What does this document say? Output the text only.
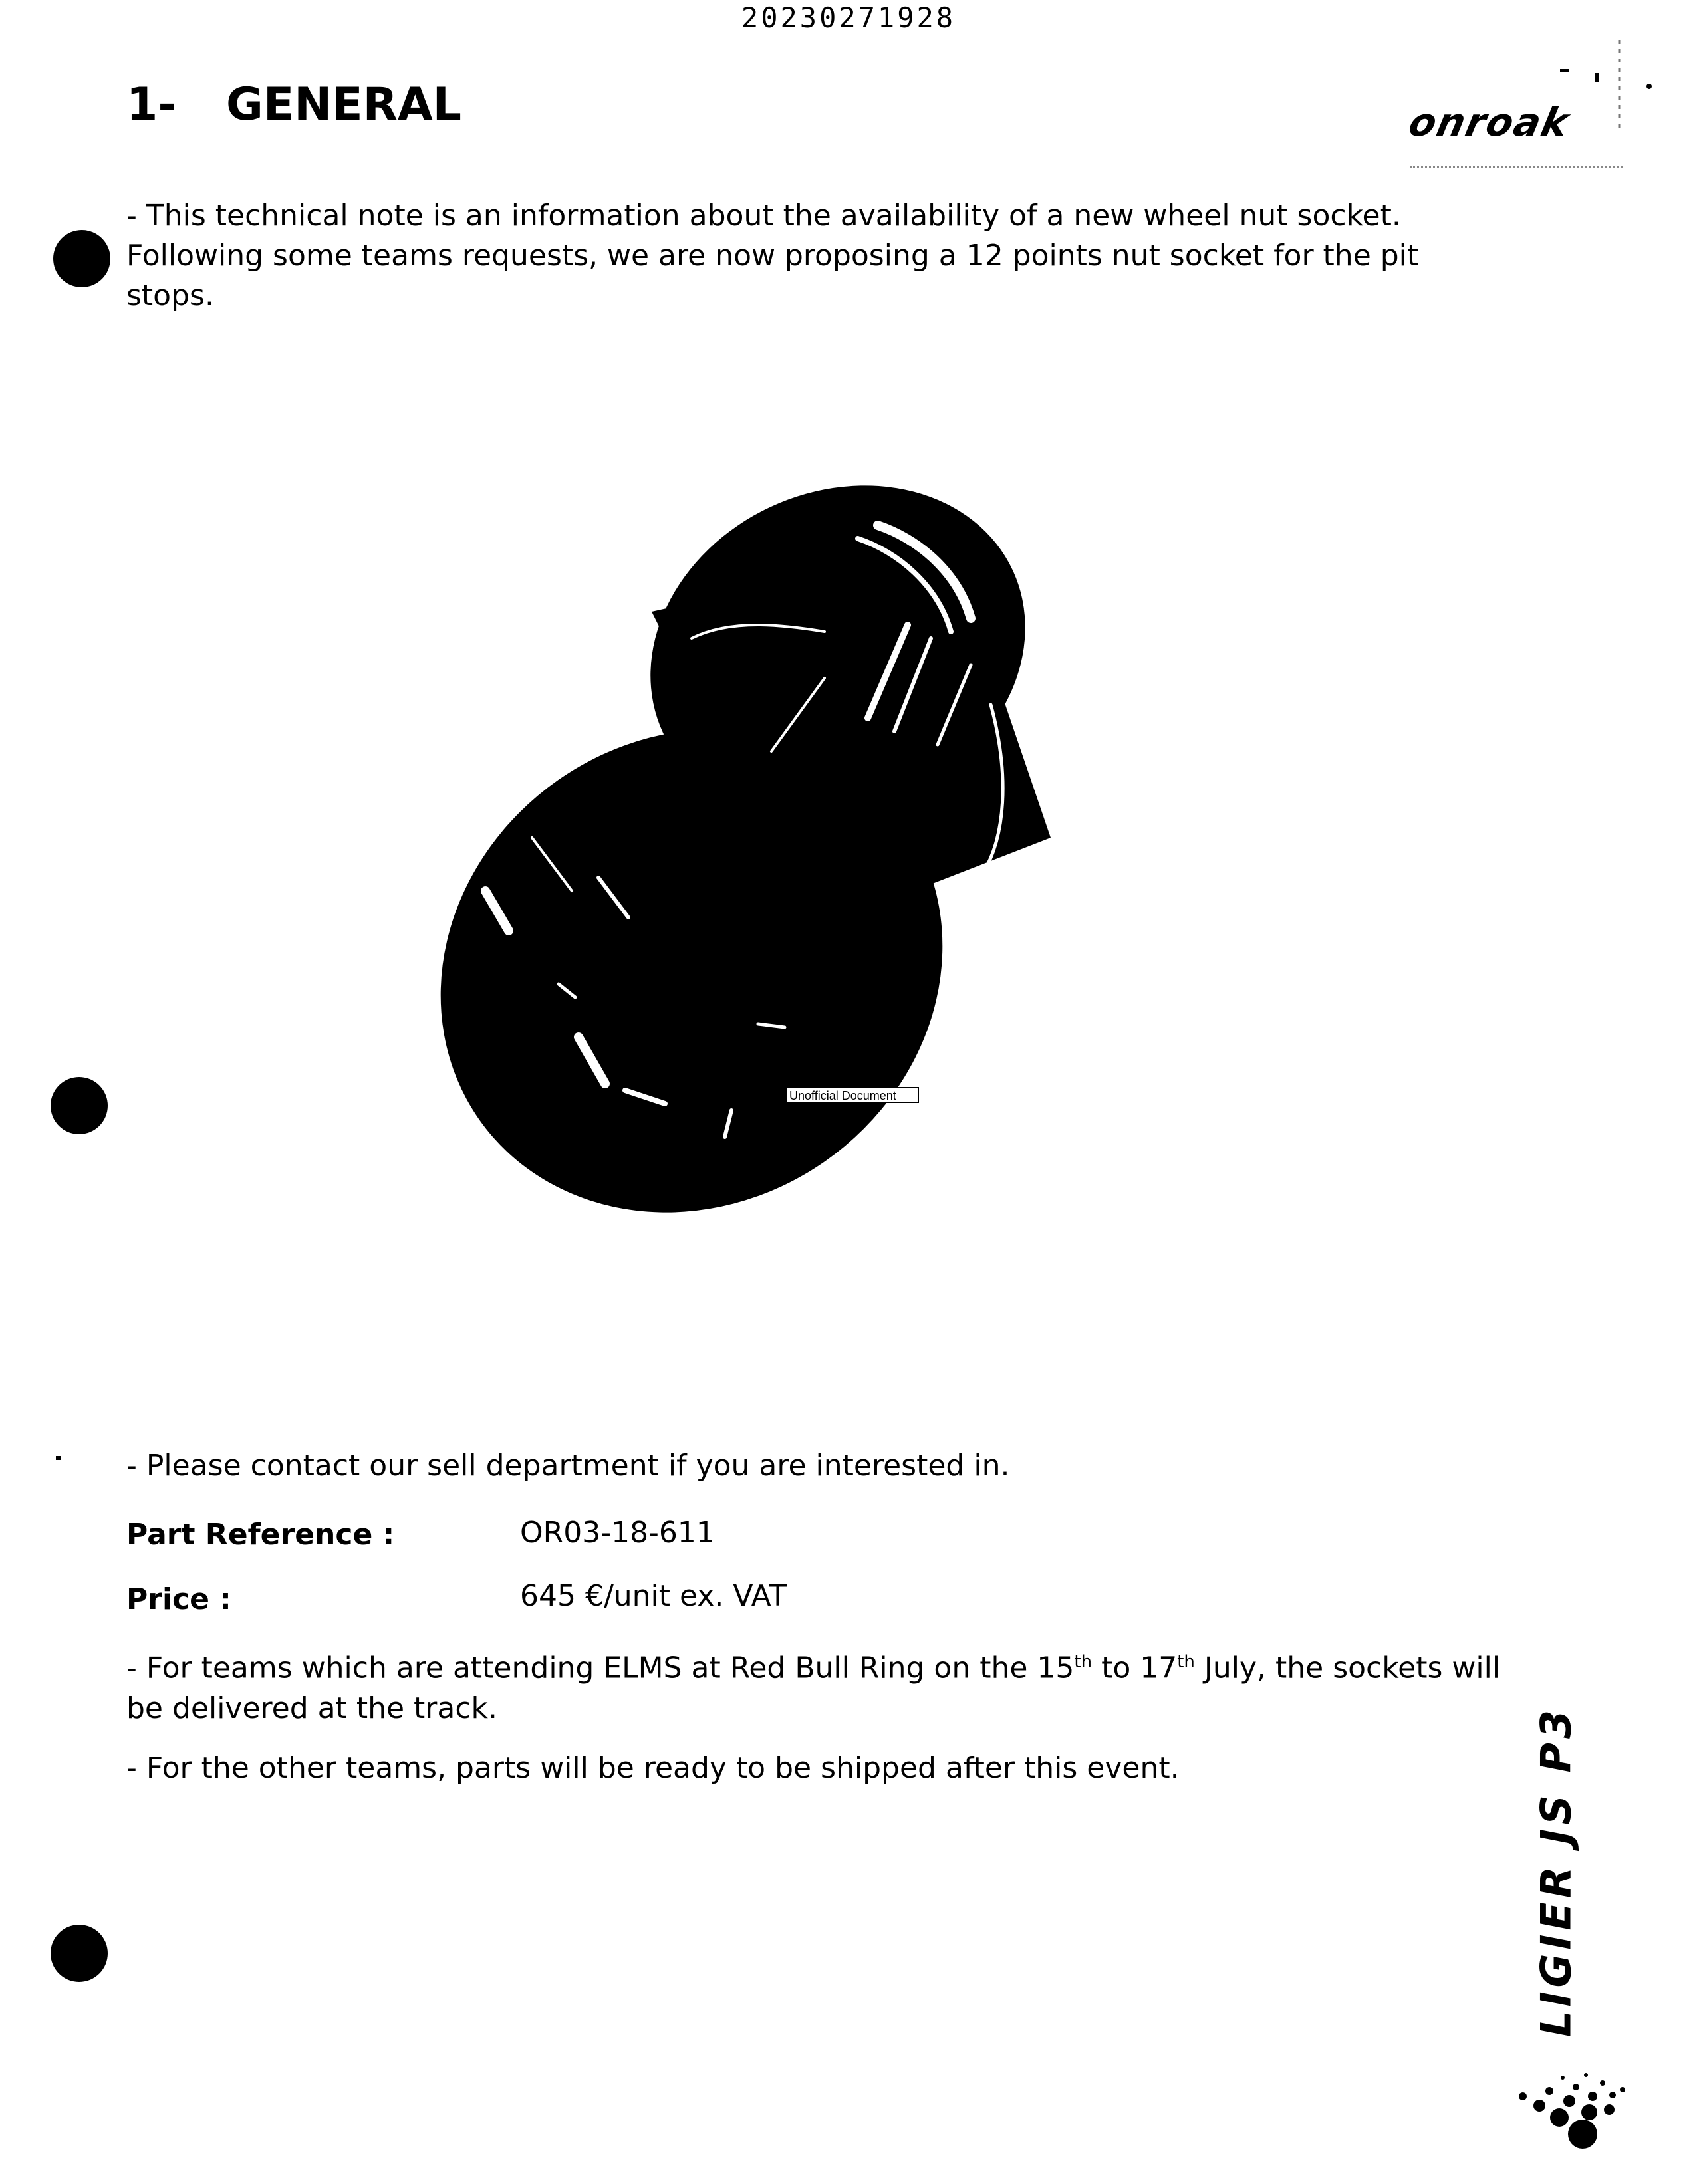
20230271928
1- GENERAL	onroak
- This technical note is an information about the availability of a new wheel nut socket. Following some teams requests, we are now proposing a 12 points nut socket for the pit stops.
Unofficial Document
- Please contact our sell department if you are interested in.
Part Reference :	OR03-18-611
Price :	645 €/unit ex. VAT
- For teams which are attending ELMS at Red Bull Ring on the 15th to 17th July, the sockets will be delivered at the track.
- For the other teams, parts will be ready to be shipped after this event.	LIGIER JS P3
